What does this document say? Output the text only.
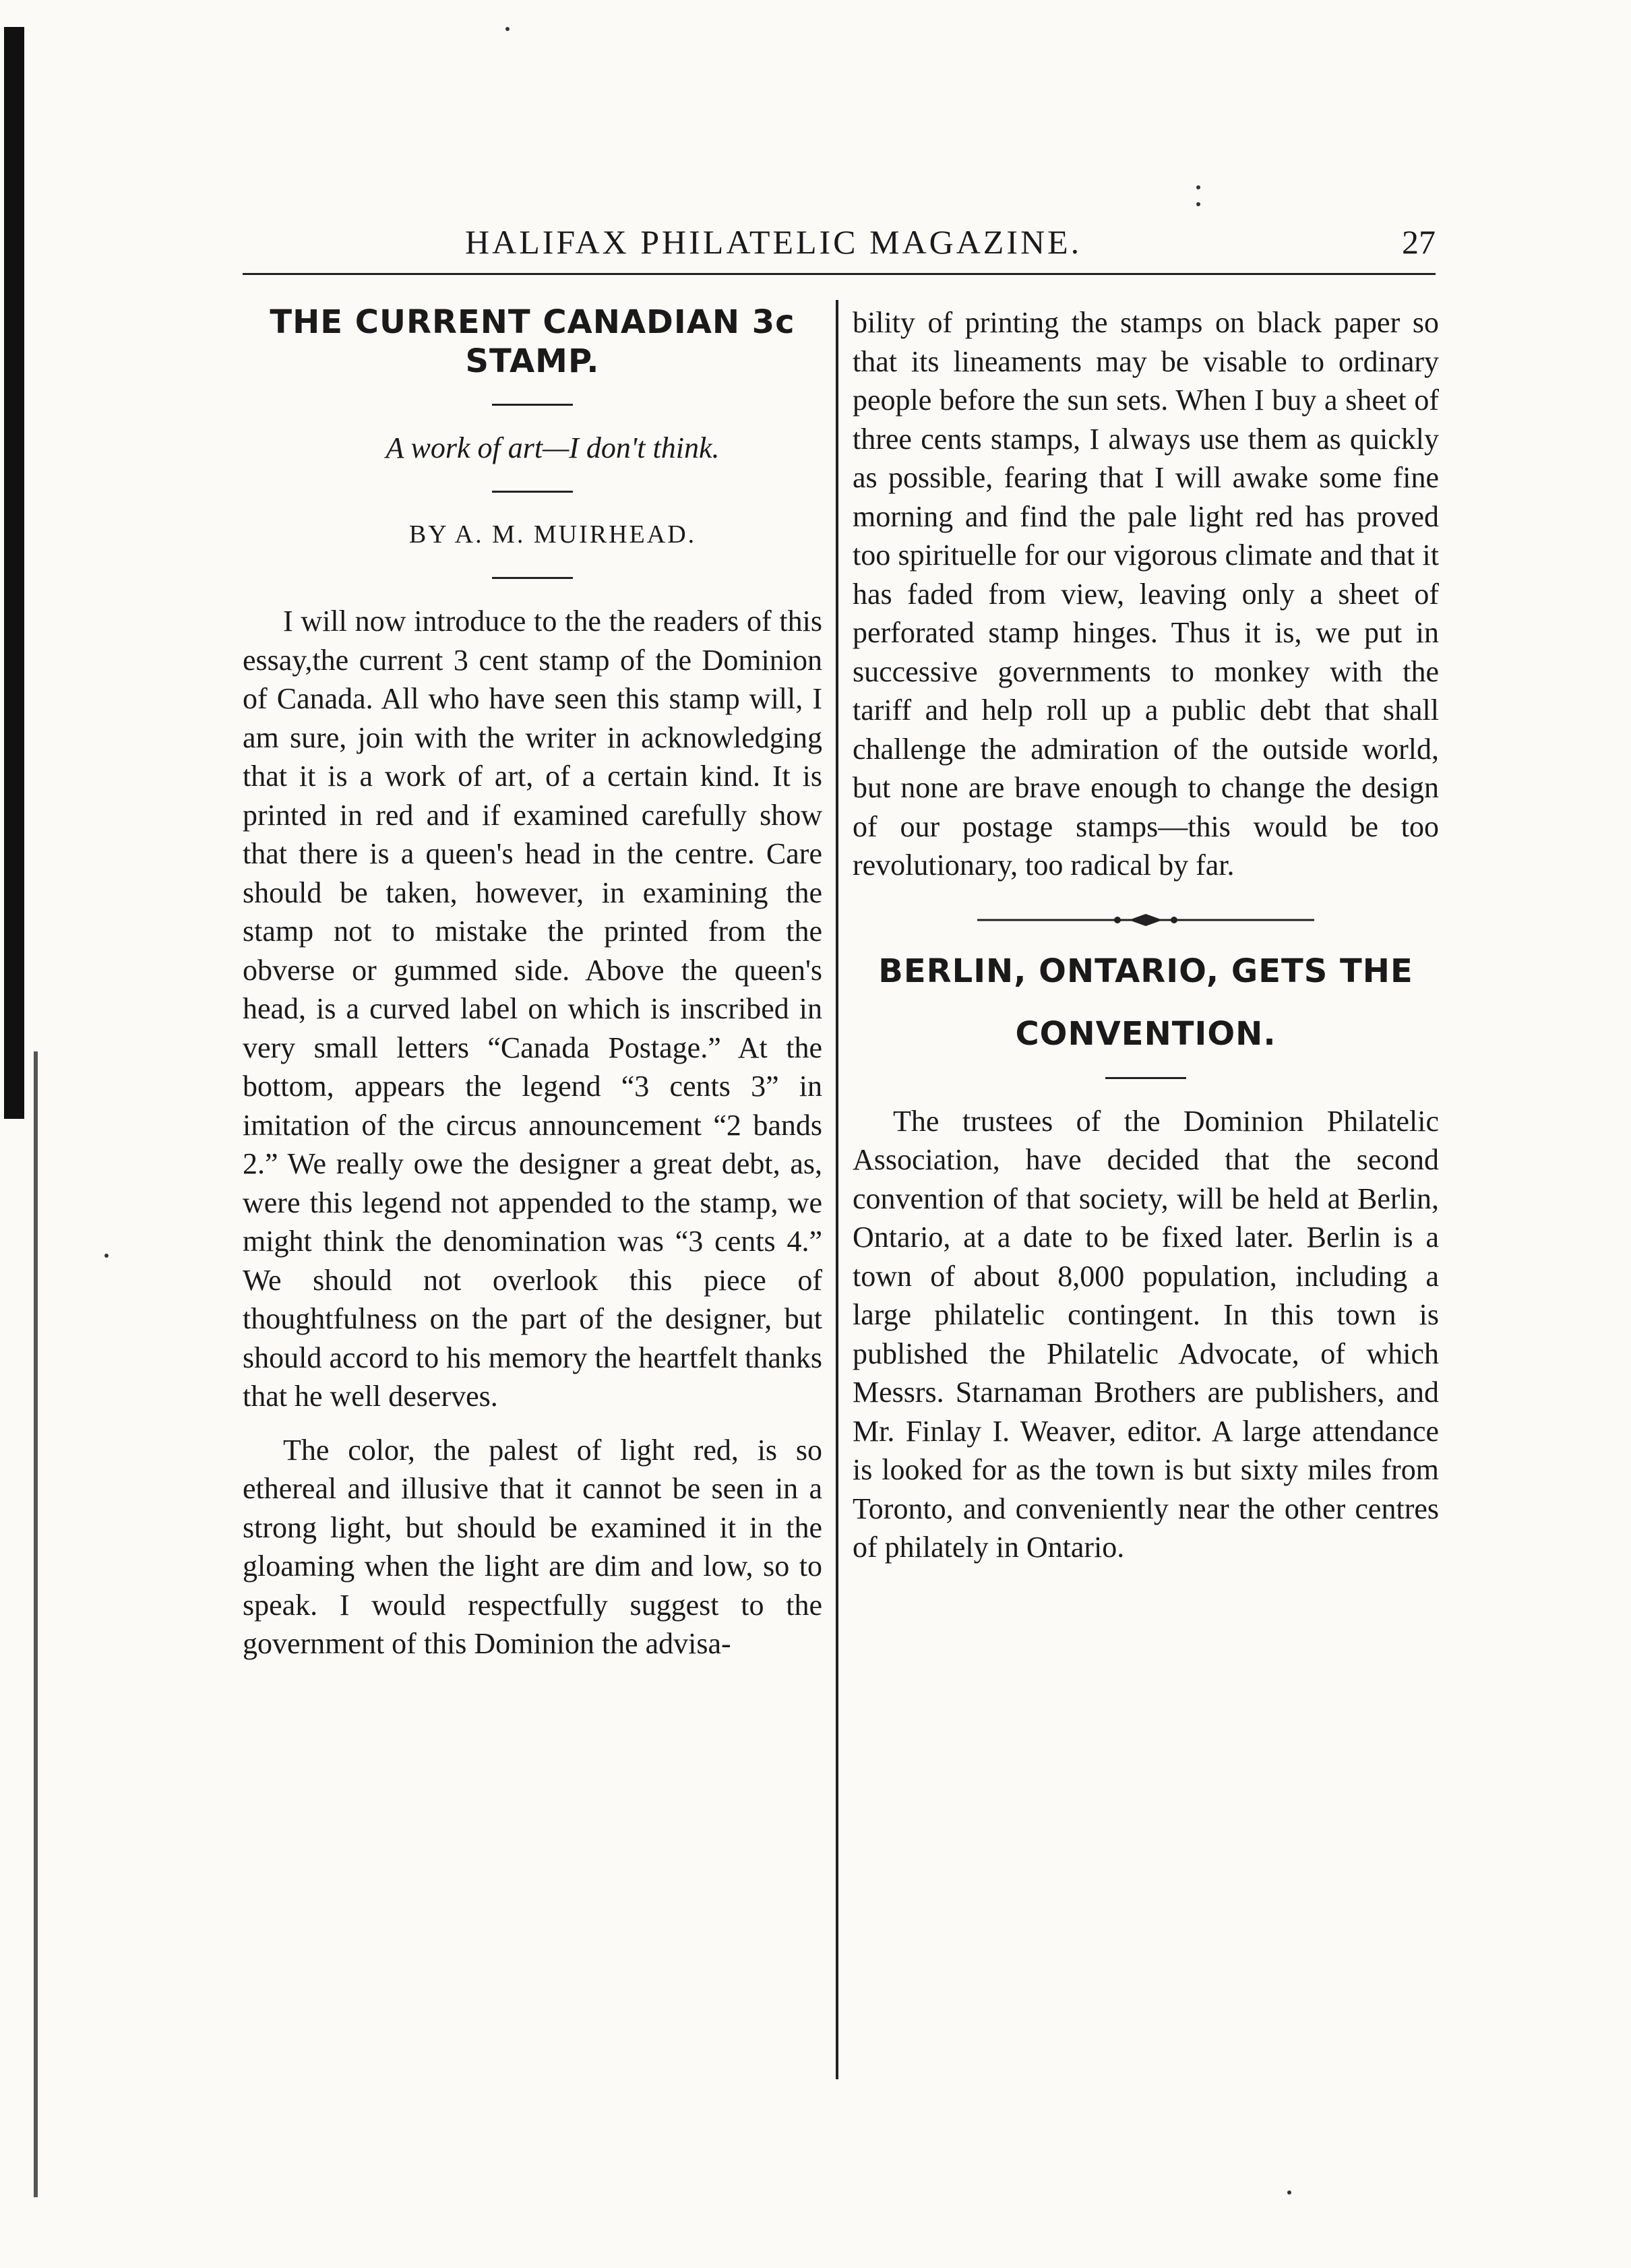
HALIFAX PHILATELIC MAGAZINE.	27
THE CURRENT CANADIAN 3c STAMP.

A work of art—I don't think.

BY A. M. MUIRHEAD.

I will now introduce to the the readers of this essay,the current 3 cent stamp of the Dominion of Canada. All who have seen this stamp will, I am sure, join with the writer in acknowledging that it is a work of art, of a certain kind. It is printed in red and if examined carefully show that there is a queen's head in the centre. Care should be taken, however, in examining the stamp not to mistake the printed from the obverse or gummed side. Above the queen's head, is a curved label on which is inscribed in very small letters “Canada Postage.” At the bottom, appears the legend “3 cents 3” in imitation of the circus announcement “2 bands 2.” We really owe the designer a great debt, as, were this legend not appended to the stamp, we might think the denomination was “3 cents 4.” We should not overlook this piece of thoughtfulness on the part of the designer, but should accord to his memory the heartfelt thanks that he well deserves.

The color, the palest of light red, is so ethereal and illusive that it cannot be seen in a strong light, but should be examined it in the gloaming when the light are dim and low, so to speak. I would respectfully suggest to the government of this Dominion the advisa-

bility of printing the stamps on black paper so that its lineaments may be visable to ordinary people before the sun sets. When I buy a sheet of three cents stamps, I always use them as quickly as possible, fearing that I will awake some fine morning and find the pale light red has proved too spirituelle for our vigorous climate and that it has faded from view, leaving only a sheet of perforated stamp hinges. Thus it is, we put in successive governments to monkey with the tariff and help roll up a public debt that shall challenge the admiration of the outside world, but none are brave enough to change the design of our postage stamps—this would be too revolutionary, too radical by far.

BERLIN, ONTARIO, GETS THE
CONVENTION.

The trustees of the Dominion Philatelic Association, have decided that the second convention of that society, will be held at Berlin, Ontario, at a date to be fixed later. Berlin is a town of about 8,000 population, including a large philatelic contingent. In this town is published the Philatelic Advocate, of which Messrs. Starnaman Brothers are publishers, and Mr. Finlay I. Weaver, editor. A large attendance is looked for as the town is but sixty miles from Toronto, and conveniently near the other centres of philately in Ontario.
